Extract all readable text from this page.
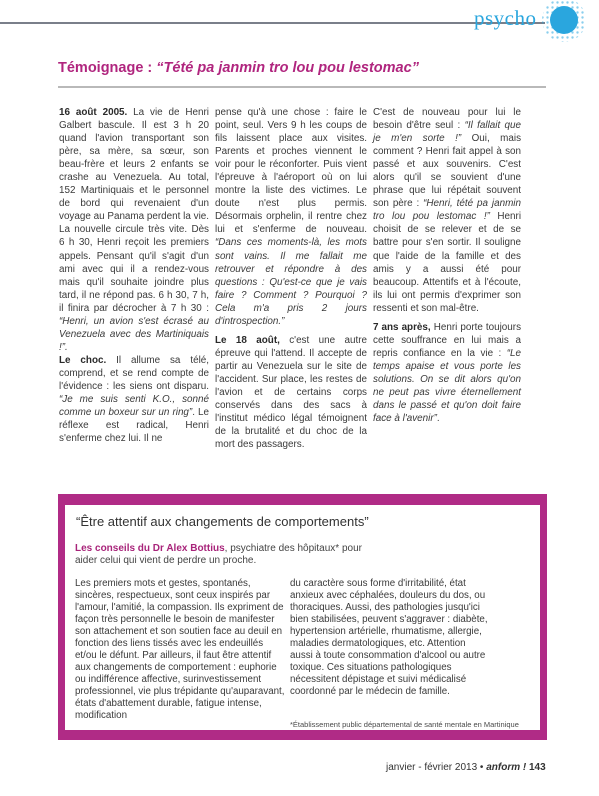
psycho
Témoignage : “Tété pa janmin tro lou pou lestomac”

16 août 2005. La vie de Henri Galbert bascule. Il est 3 h 20 quand l'avion transportant son père, sa mère, sa sœur, son beau-frère et leurs 2 enfants se crashe au Venezuela. Au total, 152 Martiniquais et le personnel de bord qui revenaient d'un voyage au Panama perdent la vie. La nouvelle circule très vite. Dès 6 h 30, Henri reçoit les premiers appels. Pensant qu'il s'agit d'un ami avec qui il a rendez-vous mais qu'il souhaite joindre plus tard, il ne répond pas. 6 h 30, 7 h, il finira par décrocher à 7 h 30 : “Henri, un avion s'est écrasé au Venezuela avec des Martiniquais !”.

Le choc. Il allume sa télé, comprend, et se rend compte de l'évidence : les siens ont disparu. “Je me suis senti K.O., sonné comme un boxeur sur un ring”. Le réflexe est radical, Henri s'enferme chez lui. Il ne

pense qu'à une chose : faire le point, seul. Vers 9 h les coups de fils laissent place aux visites. Parents et proches viennent le voir pour le réconforter. Puis vient l'épreuve à l'aéroport où on lui montre la liste des victimes. Le doute n'est plus permis. Désormais orphelin, il rentre chez lui et s'enferme de nouveau. “Dans ces moments-là, les mots sont vains. Il me fallait me retrouver et répondre à des questions : Qu'est-ce que je vais faire ? Comment ? Pourquoi ? Cela m'a pris 2 jours d'introspection.”

Le 18 août, c'est une autre épreuve qui l'attend. Il accepte de partir au Venezuela sur le site de l'accident. Sur place, les restes de l'avion et de certains corps conservés dans des sacs à l'institut médico légal témoignent de la brutalité et du choc de la mort des passagers.

C'est de nouveau pour lui le besoin d'être seul : “Il fallait que je m'en sorte !” Oui, mais comment ? Henri fait appel à son passé et aux souvenirs. C'est alors qu'il se souvient d'une phrase que lui répétait souvent son père : “Henri, tété pa janmin tro lou pou lestomac !” Henri choisit de se relever et de se battre pour s'en sortir. Il souligne que l'aide de la famille et des amis y a aussi été pour beaucoup. Attentifs et à l'écoute, ils lui ont permis d'exprimer son ressenti et son mal-être.

7 ans après, Henri porte toujours cette souffrance en lui mais a repris confiance en la vie : “Le temps apaise et vous porte les solutions. On se dit alors qu'on ne peut pas vivre éternellement dans le passé et qu'on doit faire face à l'avenir”.

“Être attentif aux changements de comportements”
Les conseils du Dr Alex Bottius, psychiatre des hôpitaux* pour aider celui qui vient de perdre un proche.
Les premiers mots et gestes, spontanés, sincères, respectueux, sont ceux inspirés par l'amour, l'amitié, la compassion. Ils expriment de façon très personnelle le besoin de manifester son attachement et son soutien face au deuil en fonction des liens tissés avec les endeuillés et/ou le défunt. Par ailleurs, il faut être attentif aux changements de comportement : euphorie ou indifférence affective, surinvestissement professionnel, vie plus trépidante qu'auparavant, états d'abattement durable, fatigue intense, modification
du caractère sous forme d'irritabilité, état anxieux avec céphalées, douleurs du dos, ou thoraciques. Aussi, des pathologies jusqu'ici bien stabilisées, peuvent s'aggraver : diabète, hypertension artérielle, rhumatisme, allergie, maladies dermatologiques, etc. Attention aussi à toute consommation d'alcool ou autre toxique. Ces situations pathologiques nécessitent dépistage et suivi médicalisé coordonné par le médecin de famille.
*Établissement public départemental de santé mentale en Martinique
janvier - février 2013 • anform ! 143
